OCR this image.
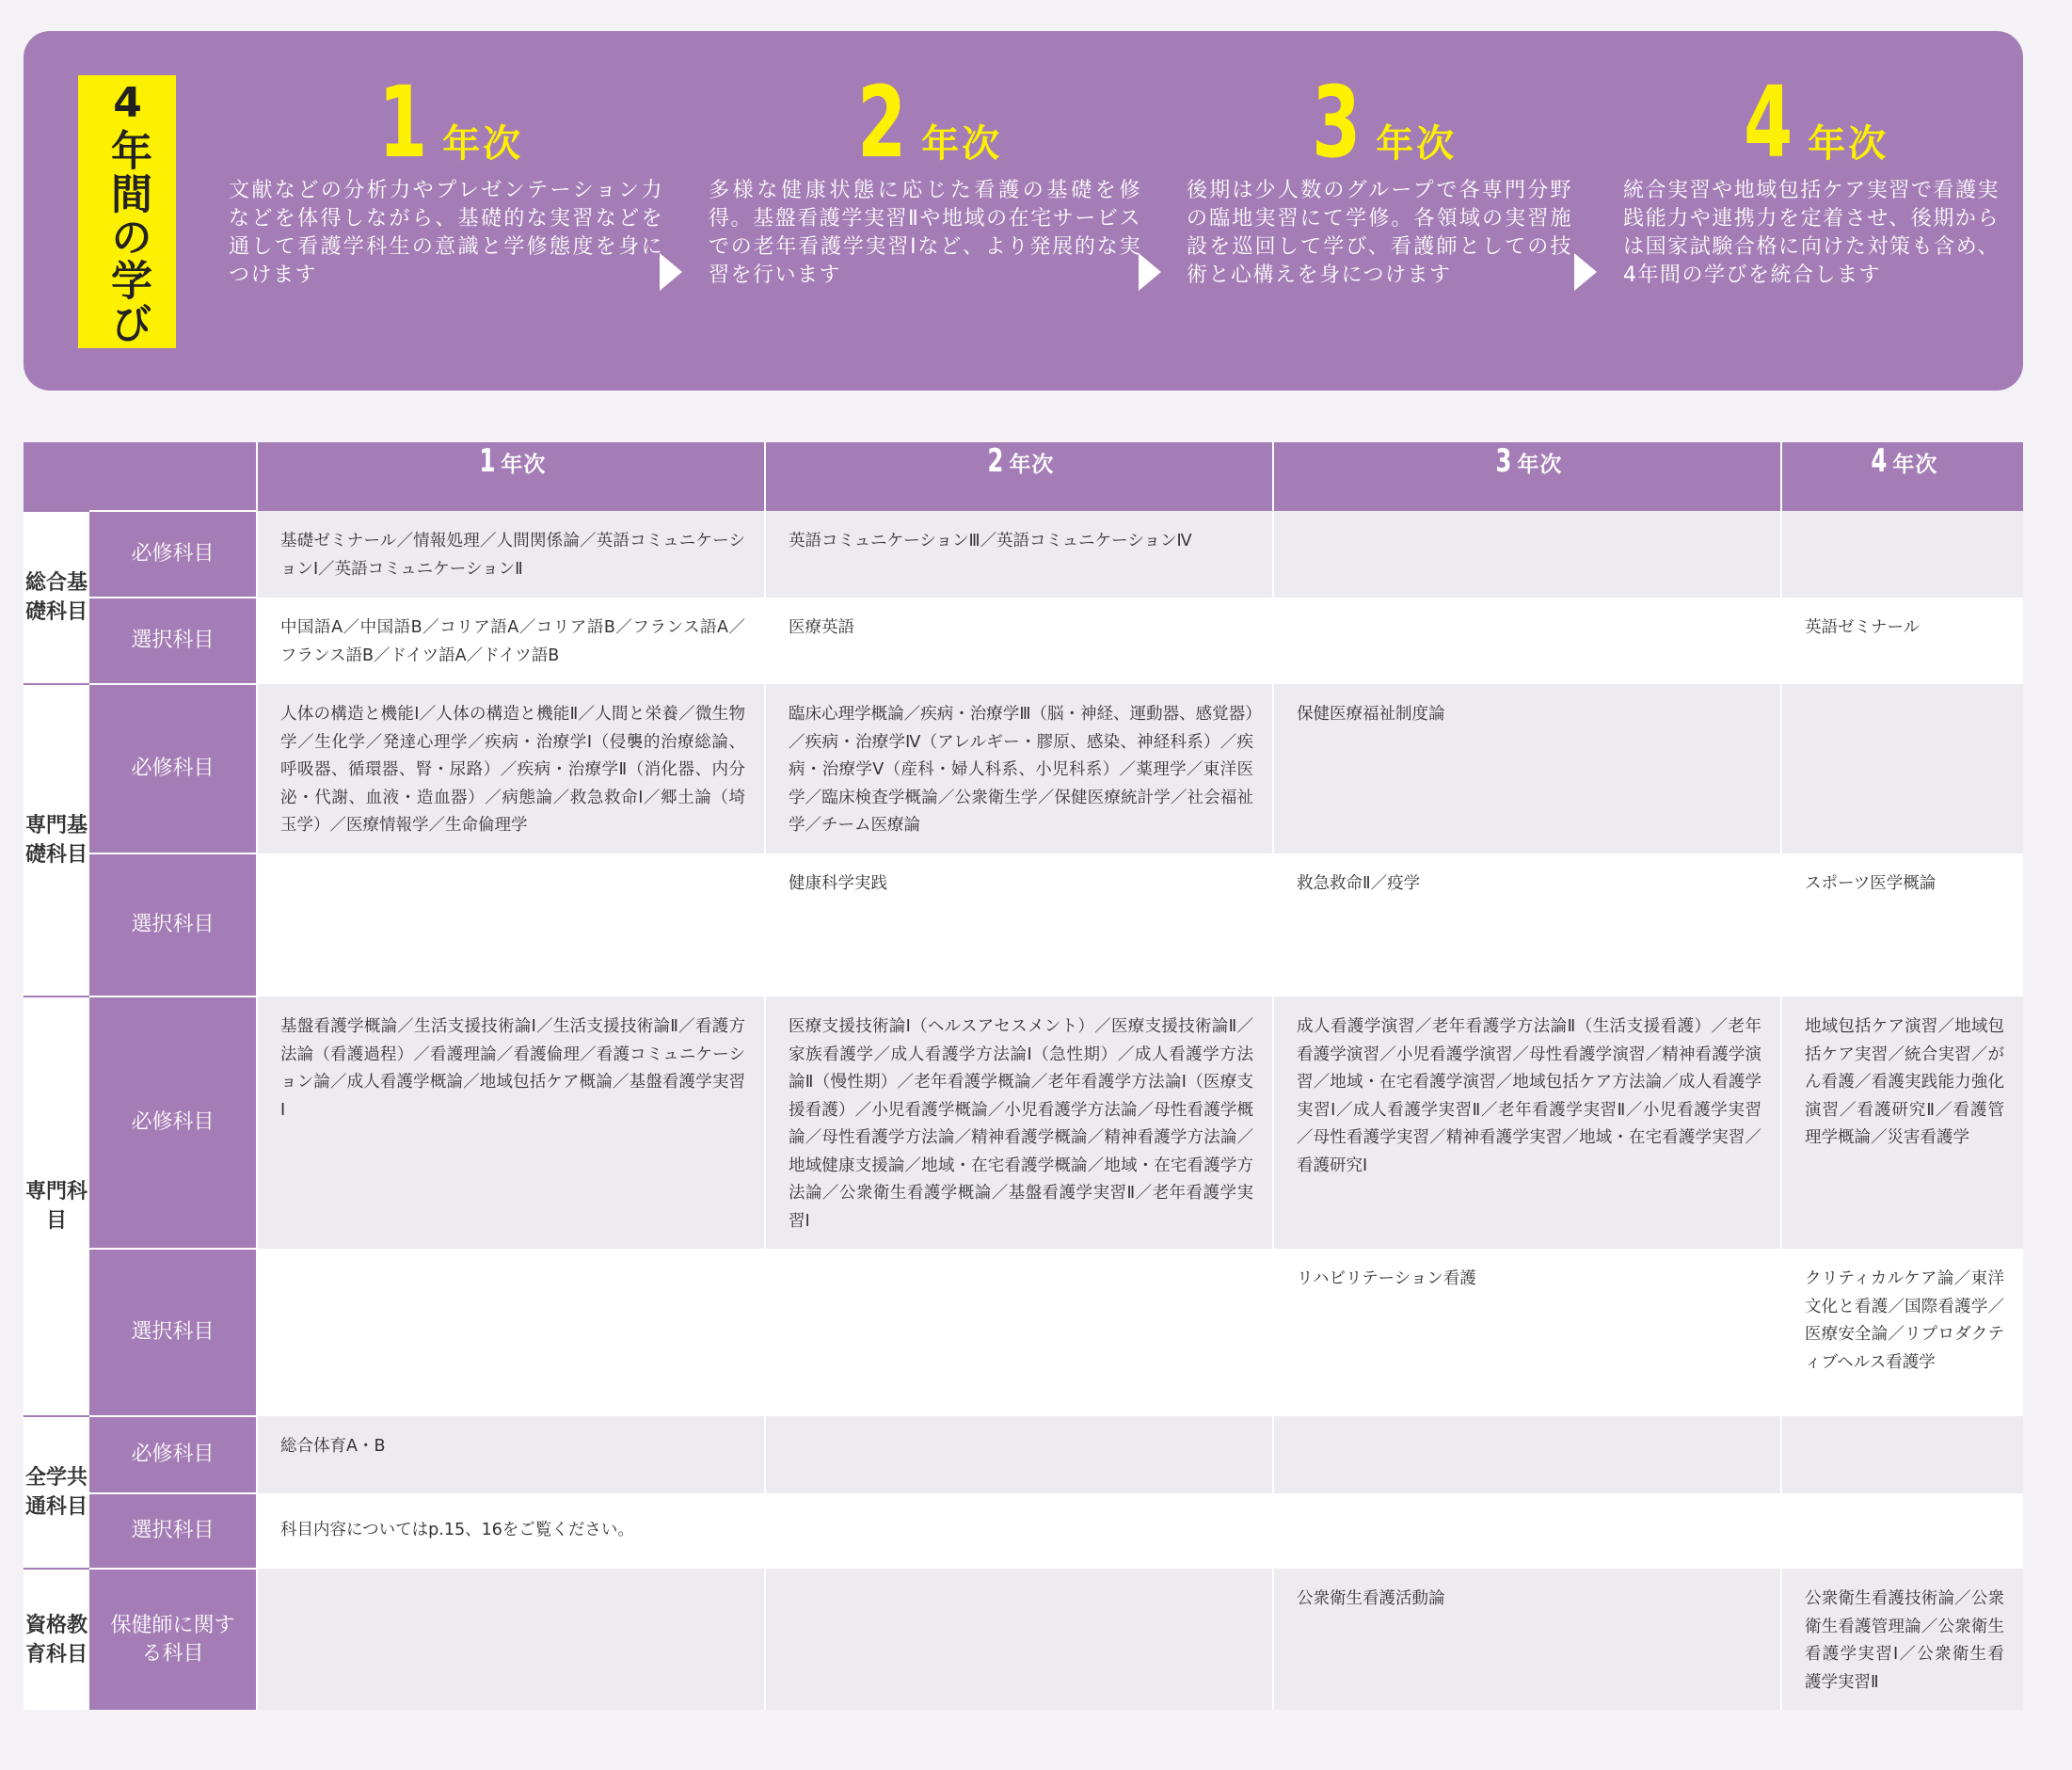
4年間の学び 1 年次
文献などの分析力やプレゼンテーション力などを体得しながら、基礎的な実習などを通して看護学科生の意識と学修態度を身につけます
2 年次
多様な健康状態に応じた看護の基礎を修得。基盤看護学実習Ⅱや地域の在宅サービスでの老年看護学実習Ⅰなど、より発展的な実習を行います
3 年次
後期は少人数のグループで各専門分野の臨地実習にて学修。各領域の実習施設を巡回して学び、看護師としての技術と心構えを身につけます
4 年次
統合実習や地域包括ケア実習で看護実践能力や連携力を定着させ、後期からは国家試験合格に向けた対策も含め、4年間の学びを統合します
		1 年次	2 年次	3 年次	4 年次
総合基礎科目	必修科目	基礎ゼミナール／情報処理／人間関係論／英語コミュニケーションⅠ／英語コミュニケーションⅡ	英語コミュニケーションⅢ／英語コミュニケーションⅣ		
	選択科目	中国語A／中国語B／コリア語A／コリア語B／フランス語A／フランス語B／ドイツ語A／ドイツ語B	医療英語		英語ゼミナール
専門基礎科目	必修科目	人体の構造と機能Ⅰ／人体の構造と機能Ⅱ／人間と栄養／微生物学／生化学／発達心理学／疾病・治療学Ⅰ（侵襲的治療総論、呼吸器、循環器、腎・尿路）／疾病・治療学Ⅱ（消化器、内分泌・代謝、血液・造血器）／病態論／救急救命Ⅰ／郷土論（埼玉学）／医療情報学／生命倫理学	臨床心理学概論／疾病・治療学Ⅲ（脳・神経、運動器、感覚器）／疾病・治療学Ⅳ（アレルギー・膠原、感染、神経科系）／疾病・治療学Ⅴ（産科・婦人科系、小児科系）／薬理学／東洋医学／臨床検査学概論／公衆衛生学／保健医療統計学／社会福祉学／チーム医療論	保健医療福祉制度論	
	選択科目		健康科学実践	救急救命Ⅱ／疫学	スポーツ医学概論
専門科目	必修科目	基盤看護学概論／生活支援技術論Ⅰ／生活支援技術論Ⅱ／看護方法論（看護過程）／看護理論／看護倫理／看護コミュニケーション論／成人看護学概論／地域包括ケア概論／基盤看護学実習Ⅰ	医療支援技術論Ⅰ（ヘルスアセスメント）／医療支援技術論Ⅱ／家族看護学／成人看護学方法論Ⅰ（急性期）／成人看護学方法論Ⅱ（慢性期）／老年看護学概論／老年看護学方法論Ⅰ（医療支援看護）／小児看護学概論／小児看護学方法論／母性看護学概論／母性看護学方法論／精神看護学概論／精神看護学方法論／地域健康支援論／地域・在宅看護学概論／地域・在宅看護学方法論／公衆衛生看護学概論／基盤看護学実習Ⅱ／老年看護学実習Ⅰ	成人看護学演習／老年看護学方法論Ⅱ（生活支援看護）／老年看護学演習／小児看護学演習／母性看護学演習／精神看護学演習／地域・在宅看護学演習／地域包括ケア方法論／成人看護学実習Ⅰ／成人看護学実習Ⅱ／老年看護学実習Ⅱ／小児看護学実習／母性看護学実習／精神看護学実習／地域・在宅看護学実習／看護研究Ⅰ	地域包括ケア演習／地域包括ケア実習／統合実習／がん看護／看護実践能力強化演習／看護研究Ⅱ／看護管理学概論／災害看護学
	選択科目			リハビリテーション看護	クリティカルケア論／東洋文化と看護／国際看護学／医療安全論／リプロダクティブヘルス看護学
全学共通科目	必修科目	総合体育A・B			
	選択科目	科目内容についてはp.15、16をご覧ください。			
資格教育科目	保健師に関する科目			公衆衛生看護活動論	公衆衛生看護技術論／公衆衛生看護管理論／公衆衛生看護学実習Ⅰ／公衆衛生看護学実習Ⅱ
